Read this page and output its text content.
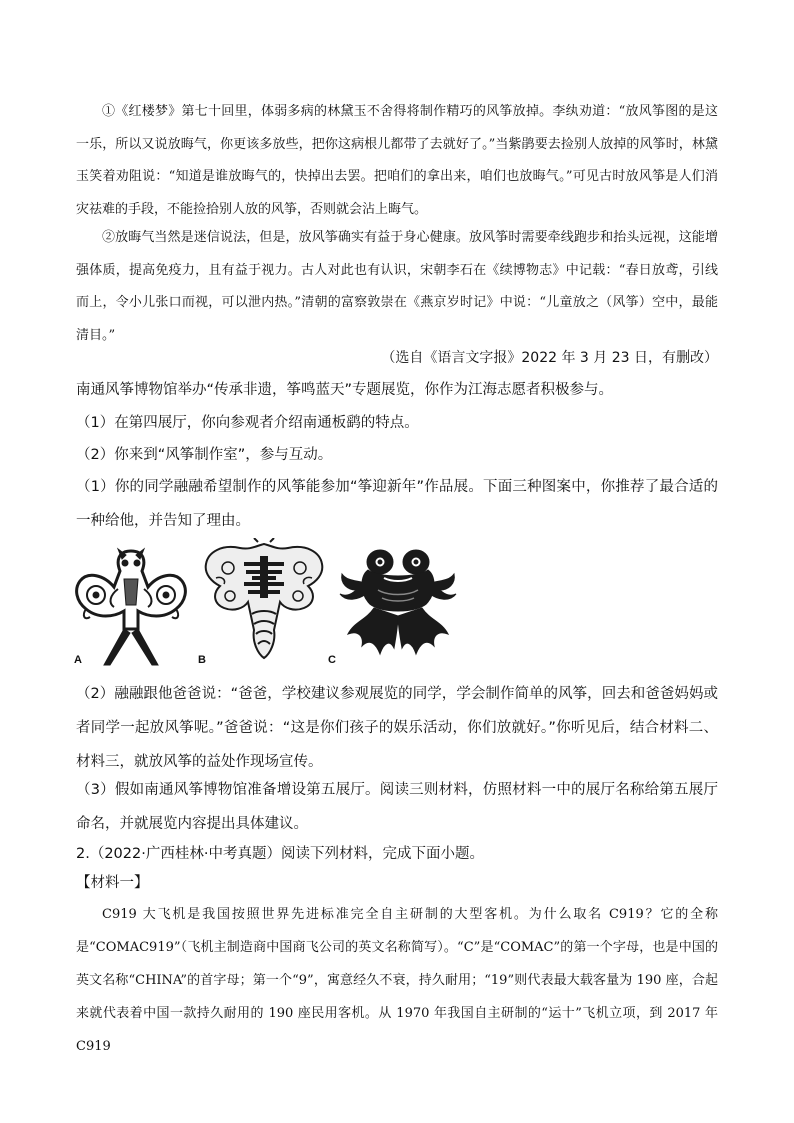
①《红楼梦》第七十回里，体弱多病的林黛玉不舍得将制作精巧的风筝放掉。李纨劝道：“放风筝图的是这一乐，所以又说放晦气，你更该多放些，把你这病根儿都带了去就好了。”当紫鹃要去捡别人放掉的风筝时，林黛玉笑着劝阻说：“知道是谁放晦气的，快掉出去罢。把咱们的拿出来，咱们也放晦气。”可见古时放风筝是人们消灾祛难的手段，不能捡拾别人放的风筝，否则就会沾上晦气。
②放晦气当然是迷信说法，但是，放风筝确实有益于身心健康。放风筝时需要牵线跑步和抬头远视，这能增强体质，提高免疫力，且有益于视力。古人对此也有认识，宋朝李石在《续博物志》中记载：“春日放鸢，引线而上，令小儿张口而视，可以泄内热。”清朝的富察敦崇在《燕京岁时记》中说：“儿童放之（风筝）空中，最能清目。”
（选自《语言文字报》2022 年 3 月 23 日，有删改）
南通风筝博物馆举办“传承非遗，筝鸣蓝天”专题展览，你作为江海志愿者积极参与。
（1）在第四展厅，你向参观者介绍南通板鹞的特点。
（2）你来到“风筝制作室”，参与互动。
（1）你的同学融融希望制作的风筝能参加“筝迎新年”作品展。下面三种图案中，你推荐了最合适的一种给他，并告知了理由。
A	B	C
（2）融融跟他爸爸说：“爸爸，学校建议参观展览的同学，学会制作简单的风筝，回去和爸爸妈妈或者同学一起放风筝呢。”爸爸说：“这是你们孩子的娱乐活动，你们放就好。”你听见后，结合材料二、材料三，就放风筝的益处作现场宣传。
（3）假如南通风筝博物馆准备增设第五展厅。阅读三则材料，仿照材料一中的展厅名称给第五展厅命名，并就展览内容提出具体建议。
2.（2022·广西桂林·中考真题）阅读下列材料，完成下面小题。
【材料一】
C919 大飞机是我国按照世界先进标准完全自主研制的大型客机。为什么取名 C919？它的全称是“COMAC919”（飞机主制造商中国商飞公司的英文名称简写）。“C”是“COMAC”的第一个字母，也是中国的英文名称“CHINA”的首字母；第一个“9”，寓意经久不衰，持久耐用；“19”则代表最大载客量为 190 座，合起来就代表着中国一款持久耐用的 190 座民用客机。从 1970 年我国自主研制的“运十”飞机立项，到 2017 年 C919
